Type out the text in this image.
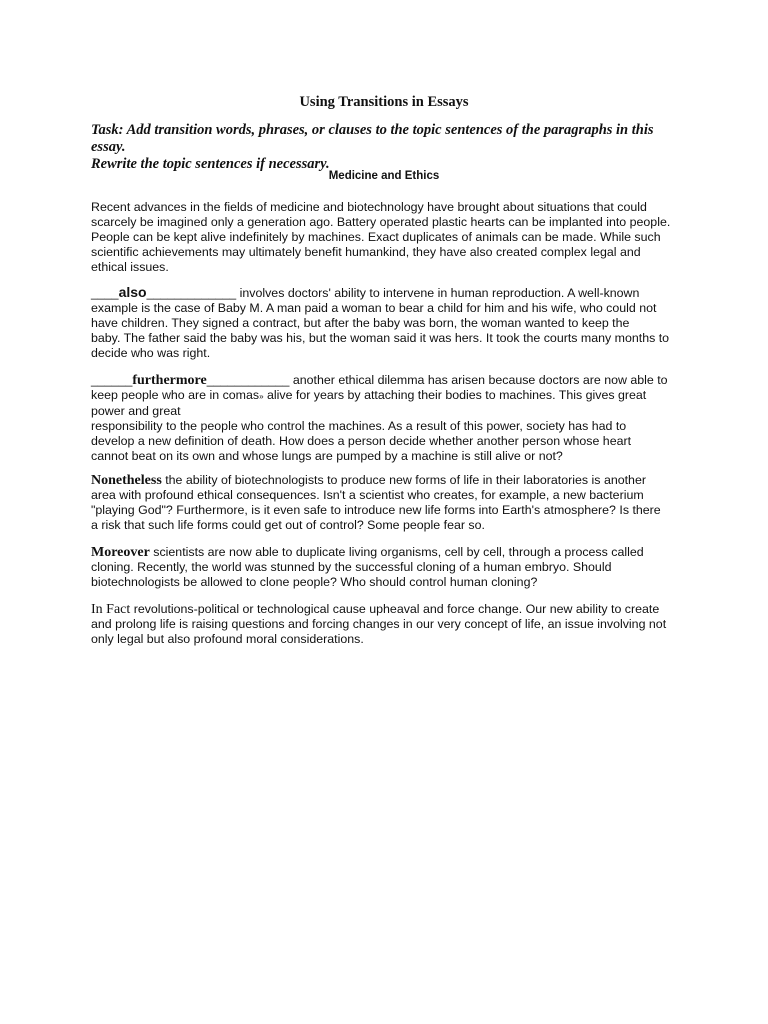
Using Transitions in Essays
Task: Add transition words, phrases, or clauses to the topic sentences of the paragraphs in this essay.
Rewrite the topic sentences if necessary.
Medicine and Ethics
Recent advances in the fields of medicine and biotechnology have brought about situations that could
scarcely be imagined only a generation ago. Battery operated plastic hearts can be implanted into people.
People can be kept alive indefinitely by machines. Exact duplicates of animals can be made. While such
scientific achievements may ultimately benefit humankind, they have also created complex legal and
ethical issues.
____also_____________ involves doctors' ability to intervene in human reproduction. A well-known
example is the case of Baby M. A man paid a woman to bear a child for him and his wife, who could not
have children. They signed a contract, but after the baby was born, the woman wanted to keep the
baby. The father said the baby was his, but the woman said it was hers. It took the courts many months to
decide who was right.
______furthermore____________ another ethical dilemma has arisen because doctors are now able to
keep people who are in comas» alive for years by attaching their bodies to machines. This gives great
power and great
responsibility to the people who control the machines. As a result of this power, society has had to
develop a new definition of death. How does a person decide whether another person whose heart
cannot beat on its own and whose lungs are pumped by a machine is still alive or not?
Nonetheless the ability of biotechnologists to produce new forms of life in their laboratories is another
area with profound ethical consequences. Isn't a scientist who creates, for example, a new bacterium
"playing God"? Furthermore, is it even safe to introduce new life forms into Earth's atmosphere? Is there
a risk that such life forms could get out of control? Some people fear so.
Moreover scientists are now able to duplicate living organisms, cell by cell, through a process called
cloning. Recently, the world was stunned by the successful cloning of a human embryo. Should
biotechnologists be allowed to clone people? Who should control human cloning?
In Fact revolutions-political or technological cause upheaval and force change. Our new ability to create
and prolong life is raising questions and forcing changes in our very concept of life, an issue involving not
only legal but also profound moral considerations.
